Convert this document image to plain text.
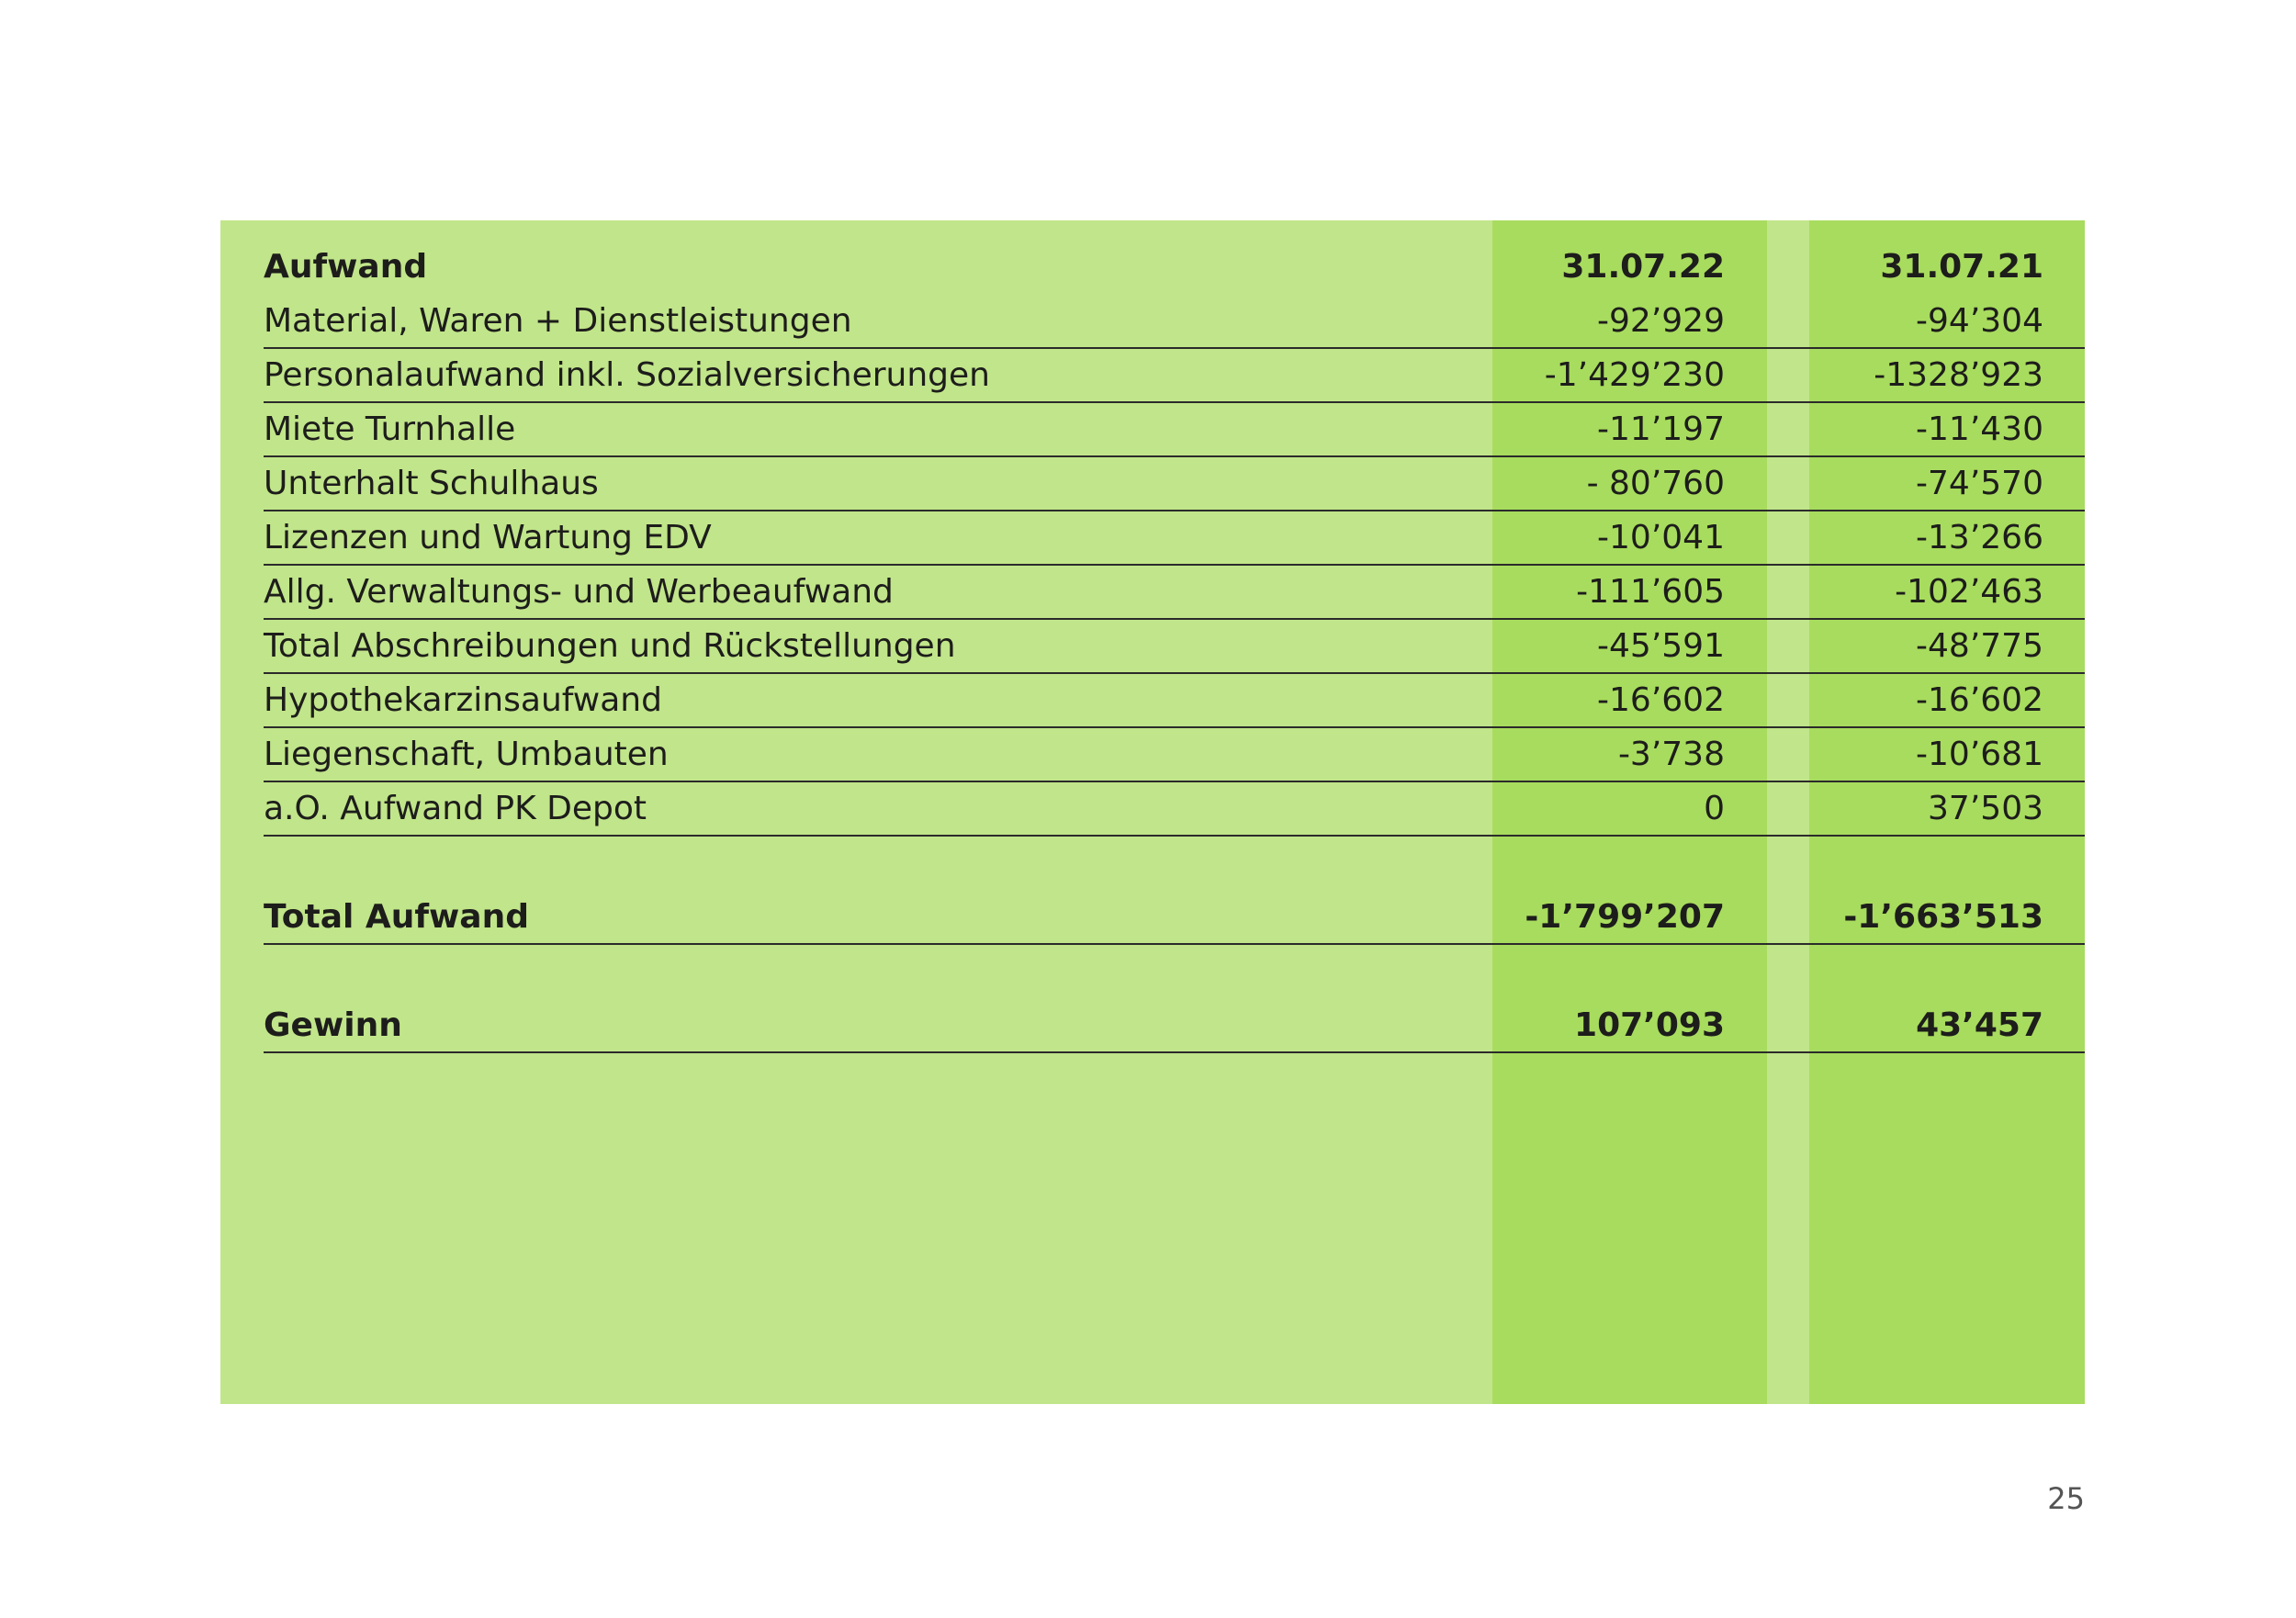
Aufwand	31.07.22	31.07.21
Material, Waren + Dienstleistungen	-92’929	-94’304
Personalaufwand inkl. Sozialversicherungen	-1’429’230	-1328’923
Miete Turnhalle	-11’197	-11’430
Unterhalt Schulhaus	- 80’760	-74’570
Lizenzen und Wartung EDV	-10’041	-13’266
Allg. Verwaltungs- und Werbeaufwand	-111’605	-102’463
Total Abschreibungen und Rückstellungen	-45’591	-48’775
Hypothekarzinsaufwand	-16’602	-16’602
Liegenschaft, Umbauten	-3’738	-10’681
a.O. Aufwand PK Depot	0	37’503
Total Aufwand	-1’799’207	-1’663’513
Gewinn	107’093	43’457
25
